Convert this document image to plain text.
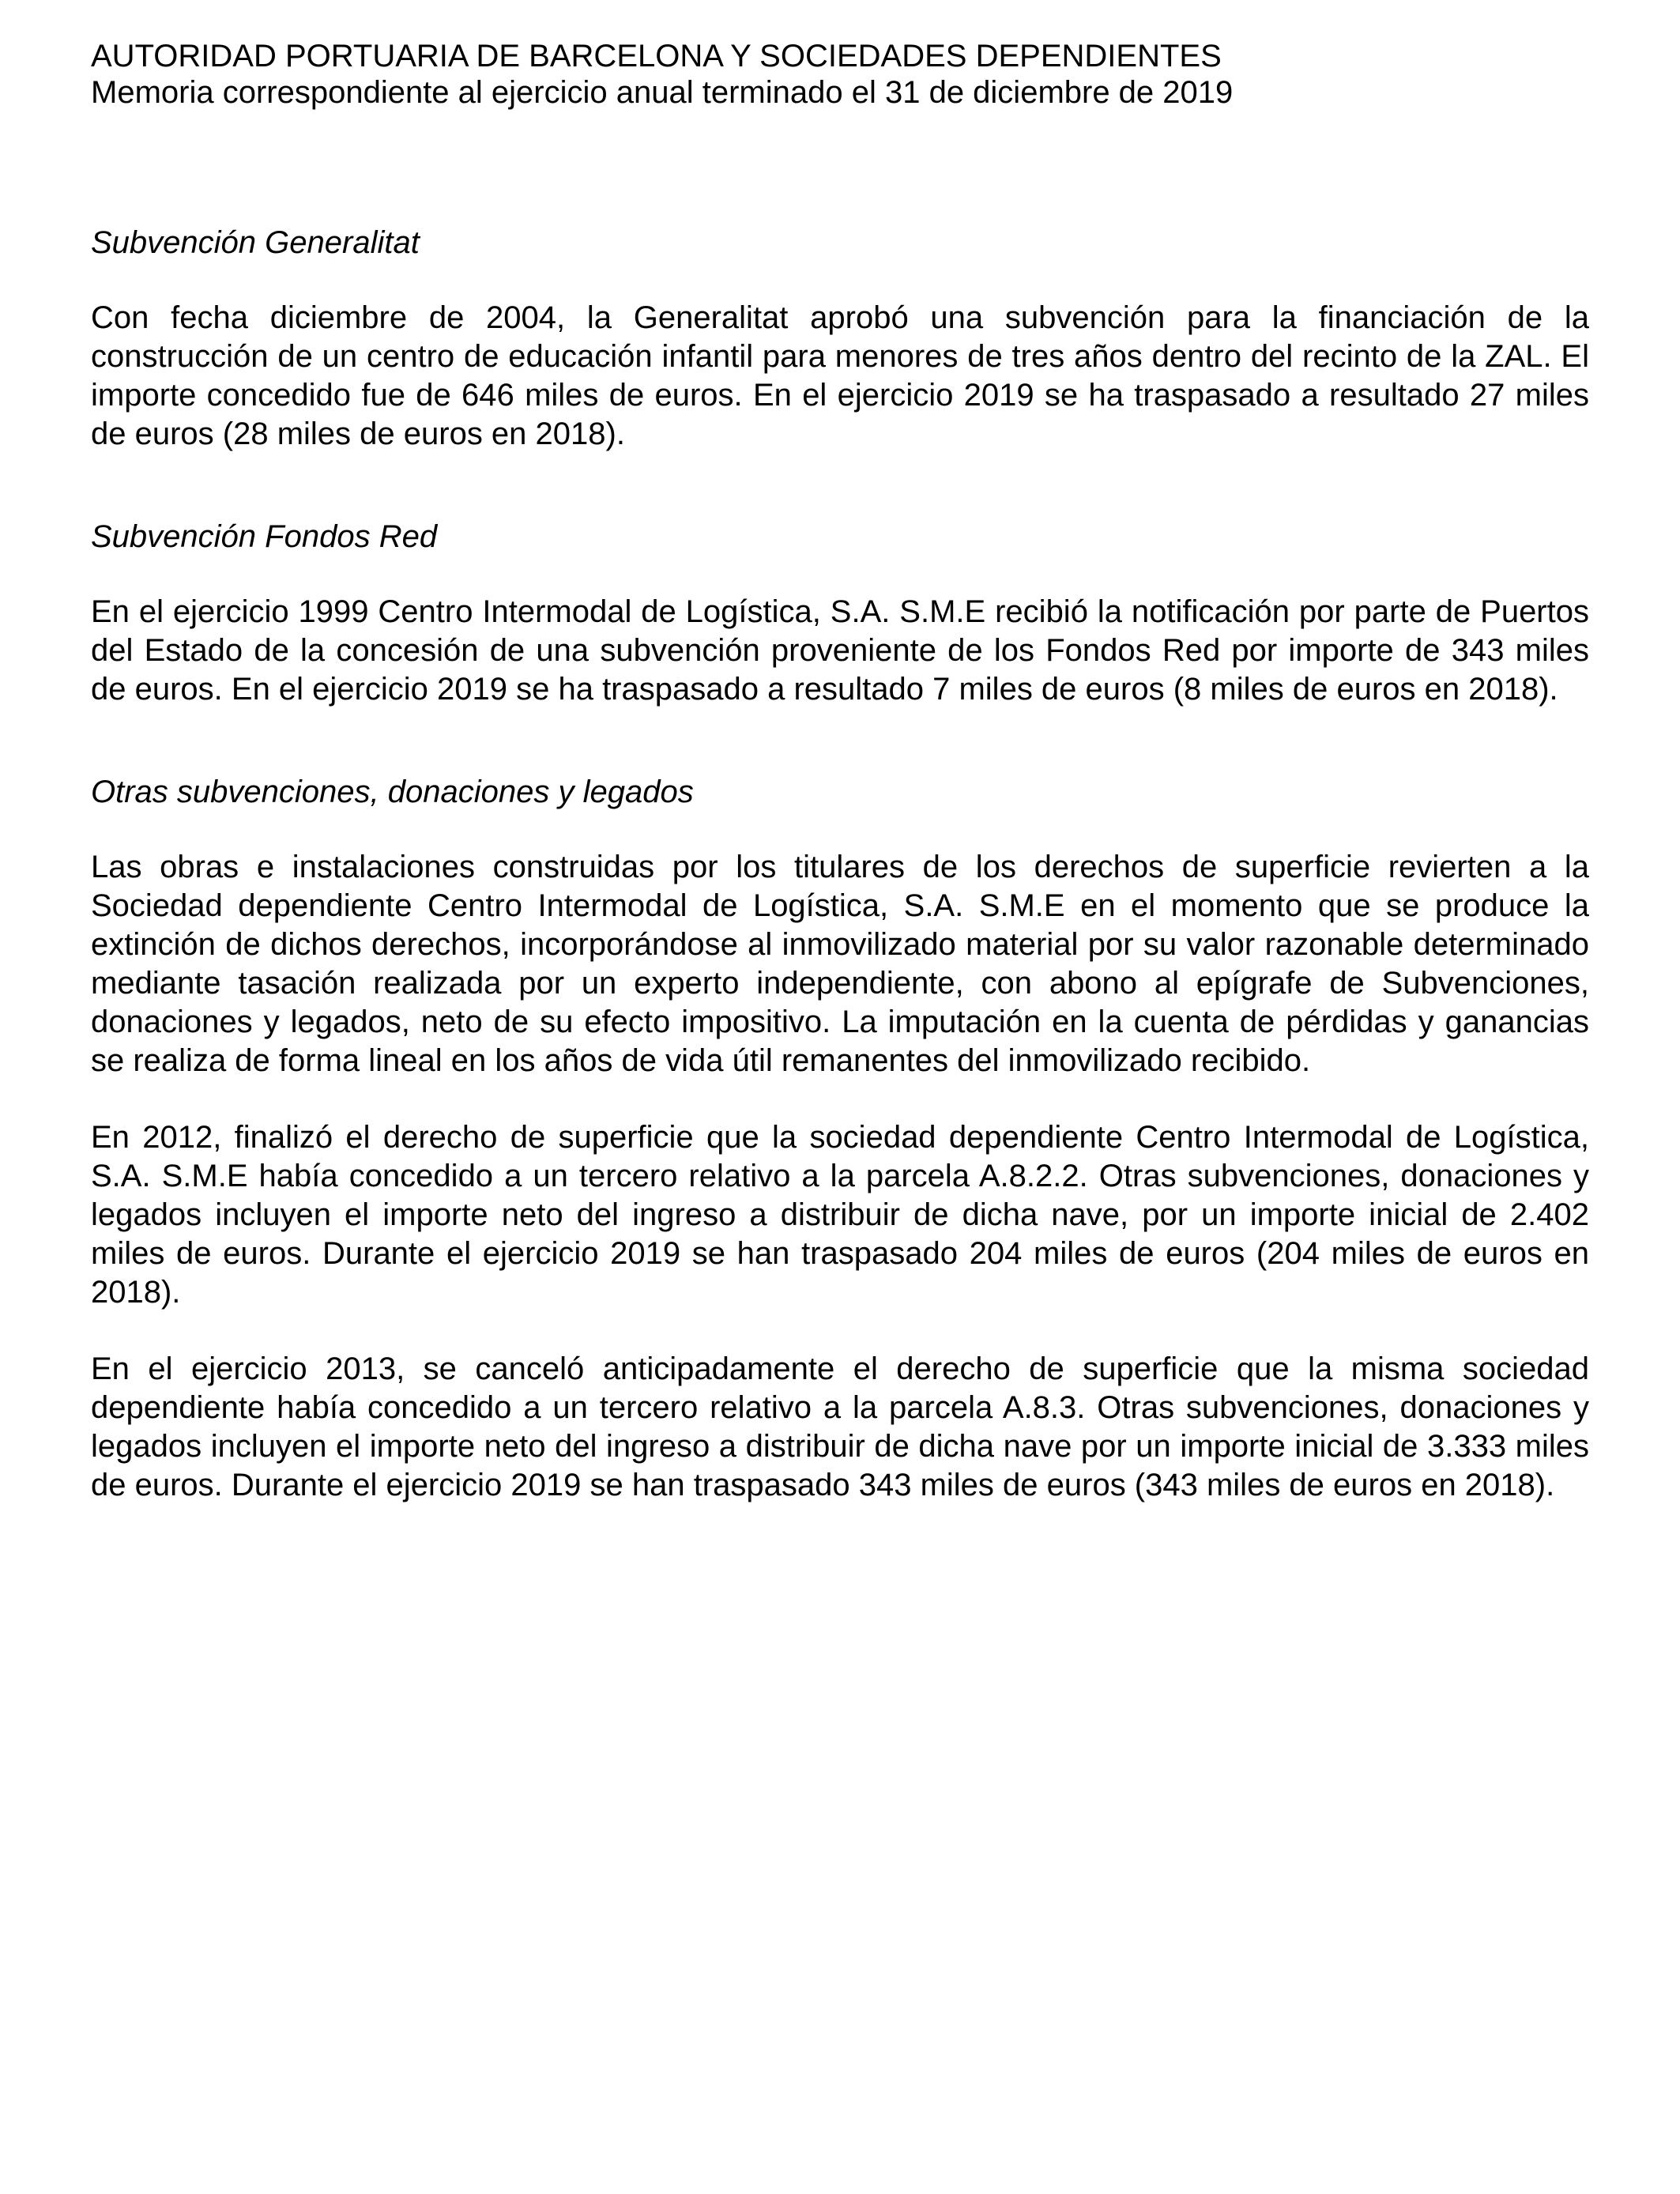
AUTORIDAD PORTUARIA DE BARCELONA Y SOCIEDADES DEPENDIENTES
Memoria correspondiente al ejercicio anual terminado el 31 de diciembre de 2019
Subvención Generalitat

Con fecha diciembre de 2004, la Generalitat aprobó una subvención para la financiación de la construcción de un centro de educación infantil para menores de tres años dentro del recinto de la ZAL. El importe concedido fue de 646 miles de euros. En el ejercicio 2019 se ha traspasado a resultado 27 miles de euros (28 miles de euros en 2018).

Subvención Fondos Red

En el ejercicio 1999 Centro Intermodal de Logística, S.A. S.M.E recibió la notificación por parte de Puertos del Estado de la concesión de una subvención proveniente de los Fondos Red por importe de 343 miles de euros. En el ejercicio 2019 se ha traspasado a resultado 7 miles de euros (8 miles de euros en 2018).

Otras subvenciones, donaciones y legados

Las obras e instalaciones construidas por los titulares de los derechos de superficie revierten a la Sociedad dependiente Centro Intermodal de Logística, S.A. S.M.E en el momento que se produce la extinción de dichos derechos, incorporándose al inmovilizado material por su valor razonable determinado mediante tasación realizada por un experto independiente, con abono al epígrafe de Subvenciones, donaciones y legados, neto de su efecto impositivo. La imputación en la cuenta de pérdidas y ganancias se realiza de forma lineal en los años de vida útil remanentes del inmovilizado recibido.

En 2012, finalizó el derecho de superficie que la sociedad dependiente Centro Intermodal de Logística, S.A. S.M.E había concedido a un tercero relativo a la parcela A.8.2.2. Otras subvenciones, donaciones y legados incluyen el importe neto del ingreso a distribuir de dicha nave, por un importe inicial de 2.402 miles de euros. Durante el ejercicio 2019 se han traspasado 204 miles de euros (204 miles de euros en 2018).

En el ejercicio 2013, se canceló anticipadamente el derecho de superficie que la misma sociedad dependiente había concedido a un tercero relativo a la parcela A.8.3. Otras subvenciones, donaciones y legados incluyen el importe neto del ingreso a distribuir de dicha nave por un importe inicial de 3.333 miles de euros. Durante el ejercicio 2019 se han traspasado 343 miles de euros (343 miles de euros en 2018).
